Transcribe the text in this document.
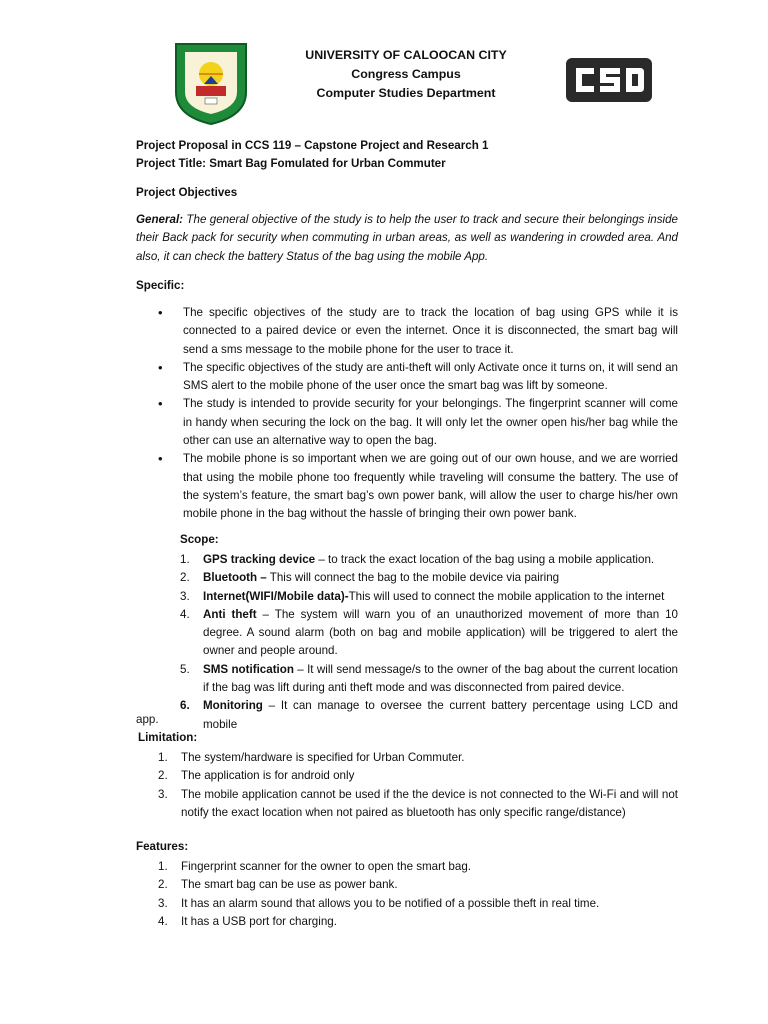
UNIVERSITY OF CALOOCAN CITY
Congress Campus
Computer Studies Department
Project Proposal in CCS 119 – Capstone Project and Research 1
Project Title: Smart Bag Fomulated for Urban Commuter
Project Objectives
General: The general objective of the study is to help the user to track and secure their belongings inside their Back pack for security when commuting in urban areas, as well as wandering in crowded area. And also, it can check the battery Status of the bag using the mobile App.
Specific:
• The specific objectives of the study are to track the location of bag using GPS while it is connected to a paired device or even the internet. Once it is disconnected, the smart bag will send a sms message to the mobile phone for the user to trace it.
• The specific objectives of the study are anti-theft will only Activate once it turns on, it will send an SMS alert to the mobile phone of the user once the smart bag was lift by someone.
• The study is intended to provide security for your belongings. The fingerprint scanner will come in handy when securing the lock on the bag. It will only let the owner open his/her bag while the other can use an alternative way to open the bag.
• The mobile phone is so important when we are going out of our own house, and we are worried that using the mobile phone too frequently while traveling will consume the battery. The use of the system’s feature, the smart bag’s own power bank, will allow the user to charge his/her own mobile phone in the bag without the hassle of bringing their own power bank.
Scope:
1. GPS tracking device – to track the exact location of the bag using a mobile application.
2. Bluetooth – This will connect the bag to the mobile device via pairing
3. Internet(WIFI/Mobile data)-This will used to connect the mobile application to the internet
4. Anti theft – The system will warn you of an unauthorized movement of more than 10 degree. A sound alarm (both on bag and mobile application) will be triggered to alert the owner and people around.
5. SMS notification – It will send message/s to the owner of the bag about the current location if the bag was lift during anti theft mode and was disconnected from paired device.
6. Monitoring – It can manage to oversee the current battery percentage using LCD and mobile
app.
Limitation:
1. The system/hardware is specified for Urban Commuter.
2. The application is for android only
3. The mobile application cannot be used if the the device is not connected to the Wi-Fi and will not notify the exact location when not paired as bluetooth has only specific range/distance)
Features:
1. Fingerprint scanner for the owner to open the smart bag.
2. The smart bag can be use as power bank.
3. It has an alarm sound that allows you to be notified of a possible theft in real time.
4. It has a USB port for charging.
